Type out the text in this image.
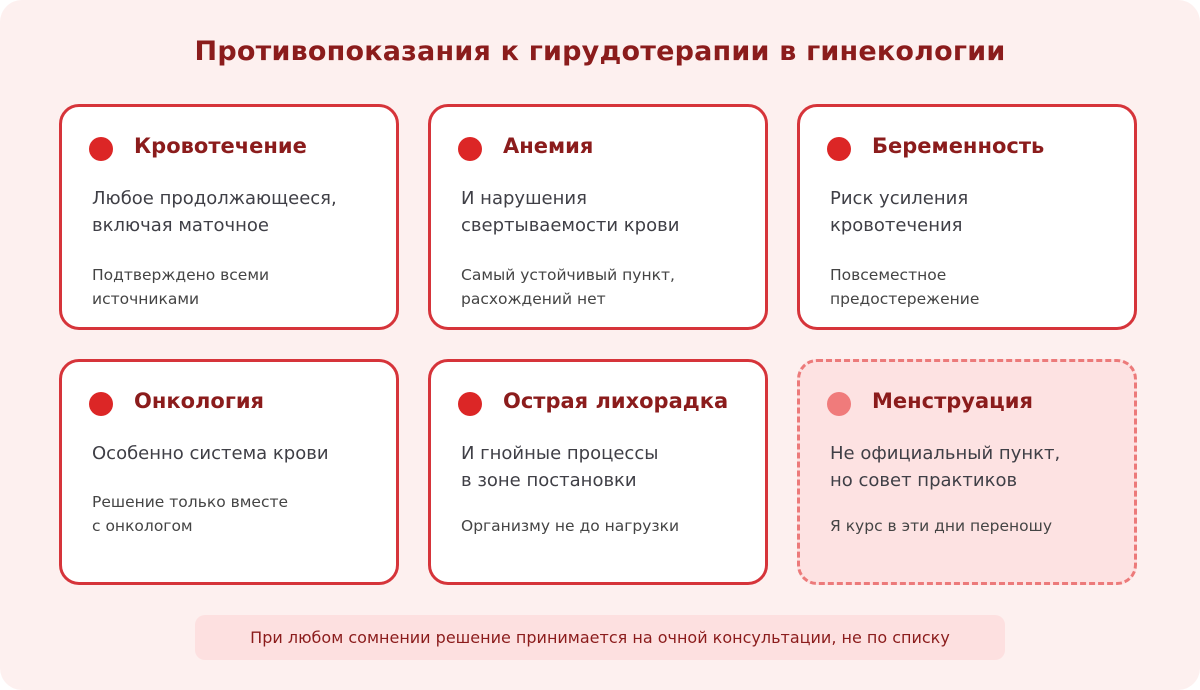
Противопоказания к гирудотерапии в гинекологии
Кровотечение
Любое продолжающееся,
включая маточное
Подтверждено всеми
источниками
Анемия
И нарушения
свертываемости крови
Самый устойчивый пункт,
расхождений нет
Беременность
Риск усиления
кровотечения
Повсеместное
предостережение
Онкология
Особенно система крови
Решение только вместе
с онкологом
Острая лихорадка
И гнойные процессы
в зоне постановки
Организму не до нагрузки
Менструация
Не официальный пункт,
но совет практиков
Я курс в эти дни переношу
При любом сомнении решение принимается на очной консультации, не по списку
